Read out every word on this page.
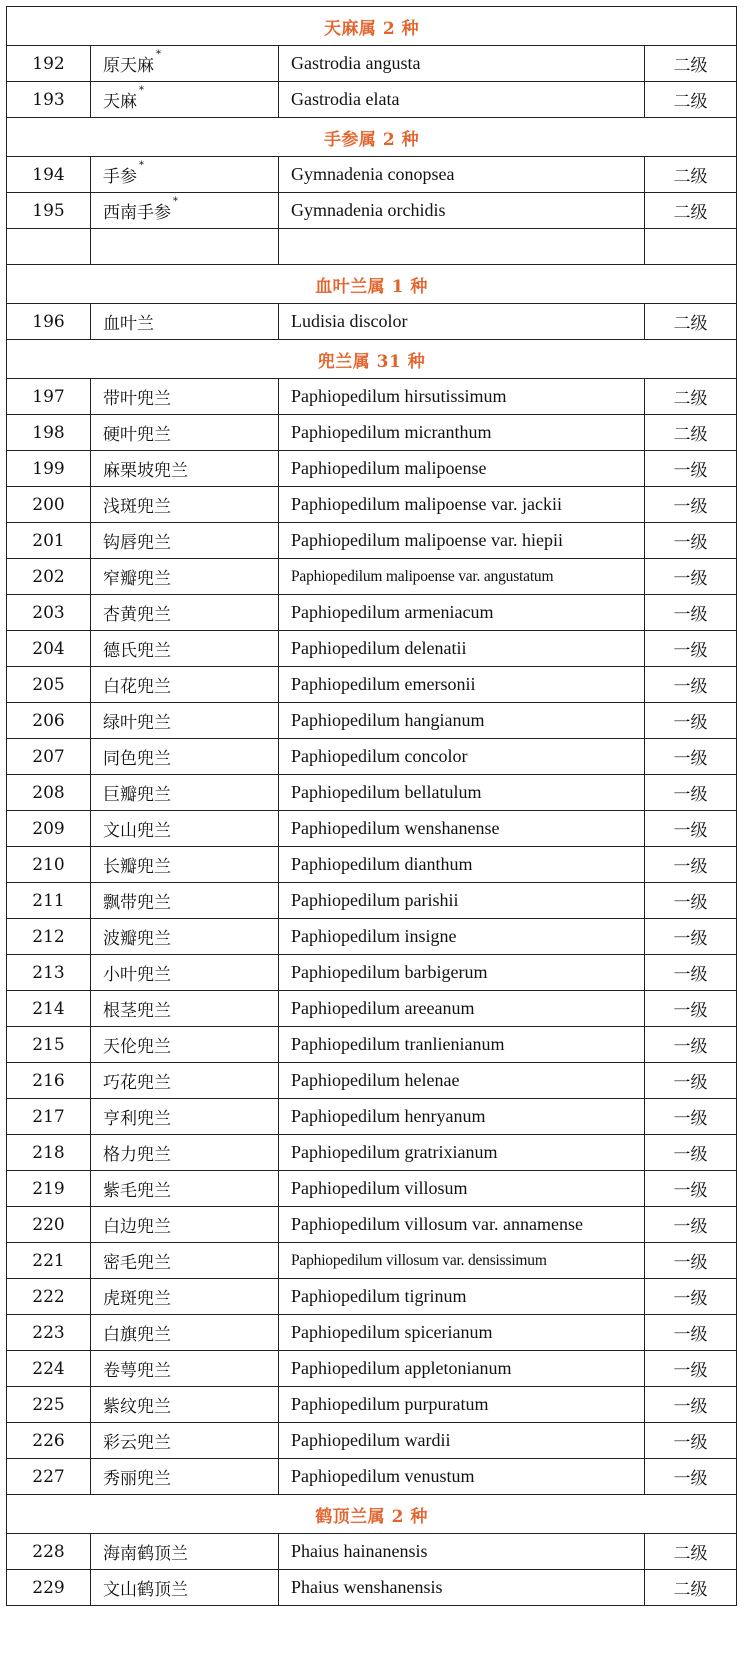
天麻属 2 种			
192	原天麻*	Gastrodia angusta	二级
193	天麻*	Gastrodia elata	二级
手参属 2 种			
194	手参*	Gymnadenia conopsea	二级
195	西南手参*	Gymnadenia orchidis	二级

血叶兰属 1 种			
196	血叶兰	Ludisia discolor	二级
兜兰属 31 种			
197	带叶兜兰	Paphiopedilum hirsutissimum	二级
198	硬叶兜兰	Paphiopedilum micranthum	二级
199	麻栗坡兜兰	Paphiopedilum malipoense	一级
200	浅斑兜兰	Paphiopedilum malipoense var. jackii	一级
201	钩唇兜兰	Paphiopedilum malipoense var. hiepii	一级
202	窄瓣兜兰	Paphiopedilum malipoense var. angustatum	一级
203	杏黄兜兰	Paphiopedilum armeniacum	一级
204	德氏兜兰	Paphiopedilum delenatii	一级
205	白花兜兰	Paphiopedilum emersonii	一级
206	绿叶兜兰	Paphiopedilum hangianum	一级
207	同色兜兰	Paphiopedilum concolor	一级
208	巨瓣兜兰	Paphiopedilum bellatulum	一级
209	文山兜兰	Paphiopedilum wenshanense	一级
210	长瓣兜兰	Paphiopedilum dianthum	一级
211	飘带兜兰	Paphiopedilum parishii	一级
212	波瓣兜兰	Paphiopedilum insigne	一级
213	小叶兜兰	Paphiopedilum barbigerum	一级
214	根茎兜兰	Paphiopedilum areeanum	一级
215	天伦兜兰	Paphiopedilum tranlienianum	一级
216	巧花兜兰	Paphiopedilum helenae	一级
217	亨利兜兰	Paphiopedilum henryanum	一级
218	格力兜兰	Paphiopedilum gratrixianum	一级
219	紫毛兜兰	Paphiopedilum villosum	一级
220	白边兜兰	Paphiopedilum villosum var. annamense	一级
221	密毛兜兰	Paphiopedilum villosum var. densissimum	一级
222	虎斑兜兰	Paphiopedilum tigrinum	一级
223	白旗兜兰	Paphiopedilum spicerianum	一级
224	卷萼兜兰	Paphiopedilum appletonianum	一级
225	紫纹兜兰	Paphiopedilum purpuratum	一级
226	彩云兜兰	Paphiopedilum wardii	一级
227	秀丽兜兰	Paphiopedilum venustum	一级
鹤顶兰属 2 种			
228	海南鹤顶兰	Phaius hainanensis	二级
229	文山鹤顶兰	Phaius wenshanensis	二级
